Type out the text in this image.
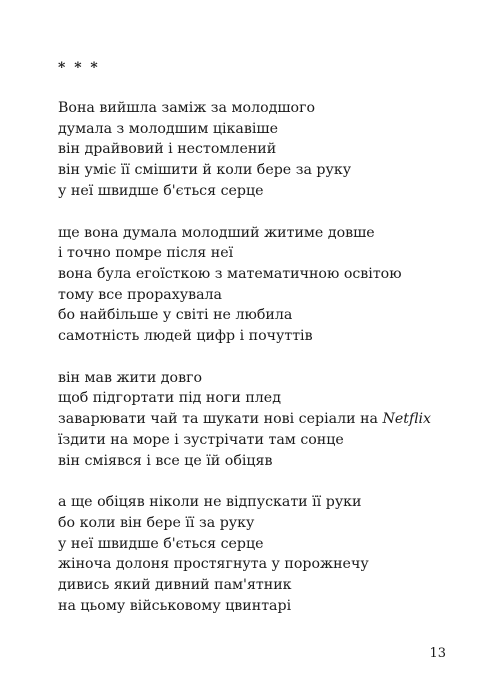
* * *
Вона вийшла заміж за молодшого
думала з молодшим цікавіше
він драйвовий і нестомлений
він уміє її смішити й коли бере за руку
у неї швидше б'ється серце
ще вона думала молодший житиме довше
і точно помре після неї
вона була егоїсткою з математичною освітою
тому все прорахувала
бо найбільше у світі не любила
самотність людей цифр і почуттів
він мав жити довго
щоб підгортати під ноги плед
заварювати чай та шукати нові серіали на Netflix
їздити на море і зустрічати там сонце
він сміявся і все це їй обіцяв
а ще обіцяв ніколи не відпускати її руки
бо коли він бере її за руку
у неї швидше б'ється серце
жіноча долоня простягнута у порожнечу
дивись який дивний пам'ятник
на цьому військовому цвинтарі
13
